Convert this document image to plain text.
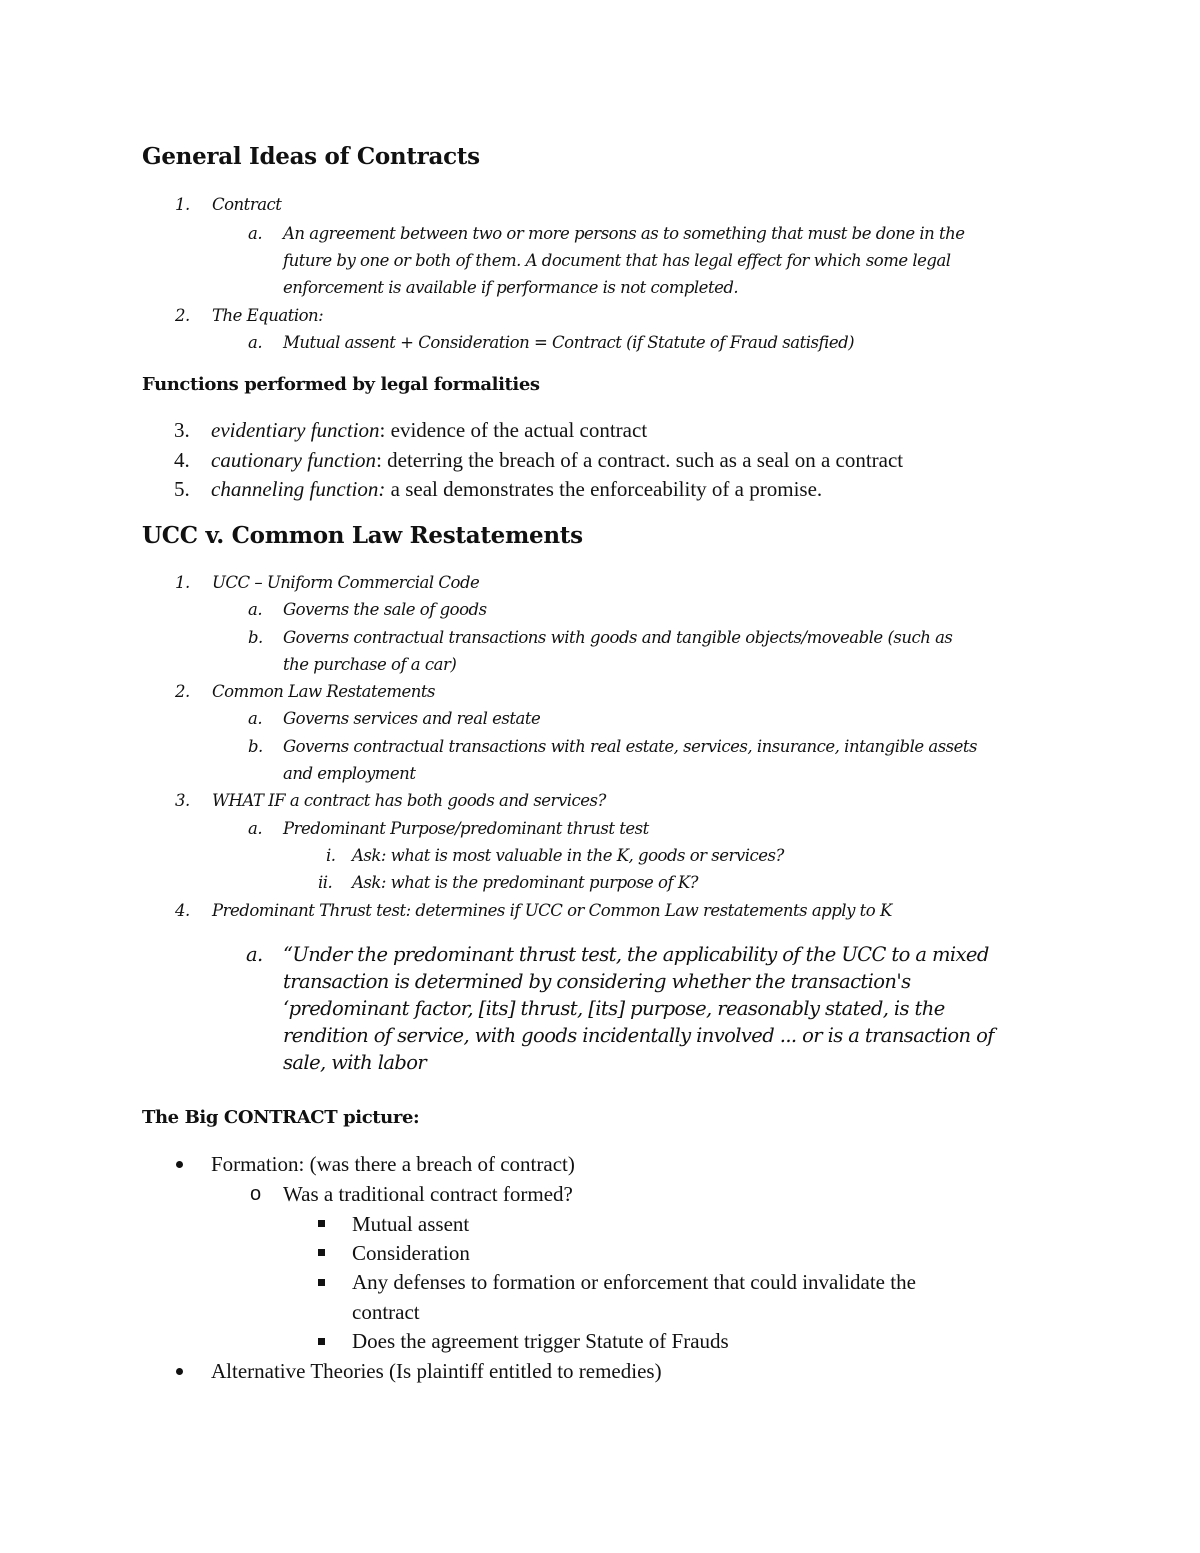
General Ideas of Contracts
1. Contract
a. An agreement between two or more persons as to something that must be done in the
future by one or both of them. A document that has legal effect for which some legal
enforcement is available if performance is not completed.
2. The Equation:
a. Mutual assent + Consideration = Contract (if Statute of Fraud satisfied)
Functions performed by legal formalities
3. evidentiary function: evidence of the actual contract
4. cautionary function: deterring the breach of a contract. such as a seal on a contract
5. channeling function: a seal demonstrates the enforceability of a promise.
UCC v. Common Law Restatements
1. UCC – Uniform Commercial Code
a. Governs the sale of goods
b. Governs contractual transactions with goods and tangible objects/moveable (such as
the purchase of a car)
2. Common Law Restatements
a. Governs services and real estate
b. Governs contractual transactions with real estate, services, insurance, intangible assets
and employment
3. WHAT IF a contract has both goods and services?
a. Predominant Purpose/predominant thrust test
i. Ask: what is most valuable in the K, goods or services?
ii. Ask: what is the predominant purpose of K?
4. Predominant Thrust test: determines if UCC or Common Law restatements apply to K
a. “Under the predominant thrust test, the applicability of the UCC to a mixed
transaction is determined by considering whether the transaction's
‘predominant factor, [its] thrust, [its] purpose, reasonably stated, is the
rendition of service, with goods incidentally involved ... or is a transaction of
sale, with labor
The Big CONTRACT picture:
Formation: (was there a breach of contract)
o Was a traditional contract formed?
Mutual assent
Consideration
Any defenses to formation or enforcement that could invalidate the
contract
Does the agreement trigger Statute of Frauds
Alternative Theories (Is plaintiff entitled to remedies)
